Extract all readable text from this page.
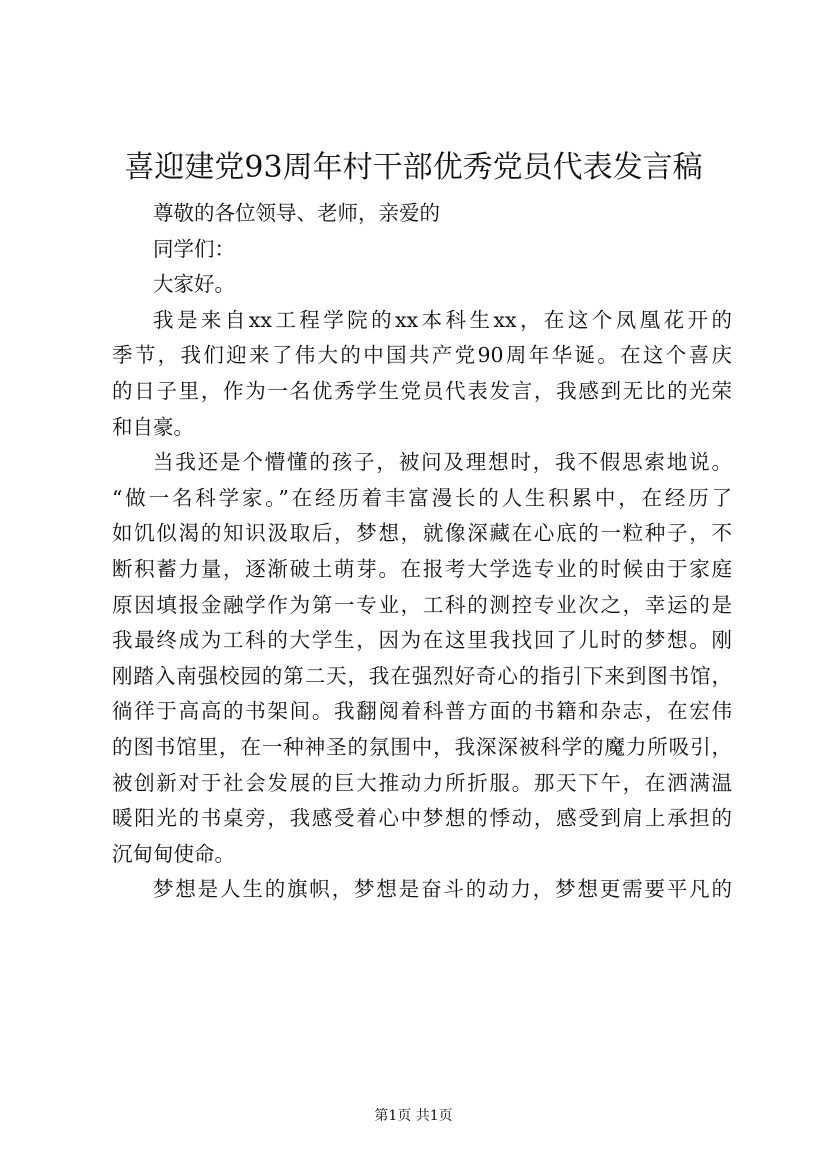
喜迎建党93周年村干部优秀党员代表发言稿
尊敬的各位领导、老师，亲爱的
同学们：
大家好。
我是来自xx工程学院的xx本科生xx，在这个凤凰花开的
季节，我们迎来了伟大的中国共产党90周年华诞。在这个喜庆
的日子里，作为一名优秀学生党员代表发言，我感到无比的光荣
和自豪。
当我还是个懵懂的孩子，被问及理想时，我不假思索地说。
“做一名科学家。”在经历着丰富漫长的人生积累中，在经历了
如饥似渴的知识汲取后，梦想，就像深藏在心底的一粒种子，不
断积蓄力量，逐渐破土萌芽。在报考大学选专业的时候由于家庭
原因填报金融学作为第一专业，工科的测控专业次之，幸运的是
我最终成为工科的大学生，因为在这里我找回了儿时的梦想。刚
刚踏入南强校园的第二天，我在强烈好奇心的指引下来到图书馆，
徜徉于高高的书架间。我翻阅着科普方面的书籍和杂志，在宏伟
的图书馆里，在一种神圣的氛围中，我深深被科学的魔力所吸引，
被创新对于社会发展的巨大推动力所折服。那天下午，在洒满温
暖阳光的书桌旁，我感受着心中梦想的悸动，感受到肩上承担的
沉甸甸使命。
梦想是人生的旗帜，梦想是奋斗的动力，梦想更需要平凡的
第1页 共1页
